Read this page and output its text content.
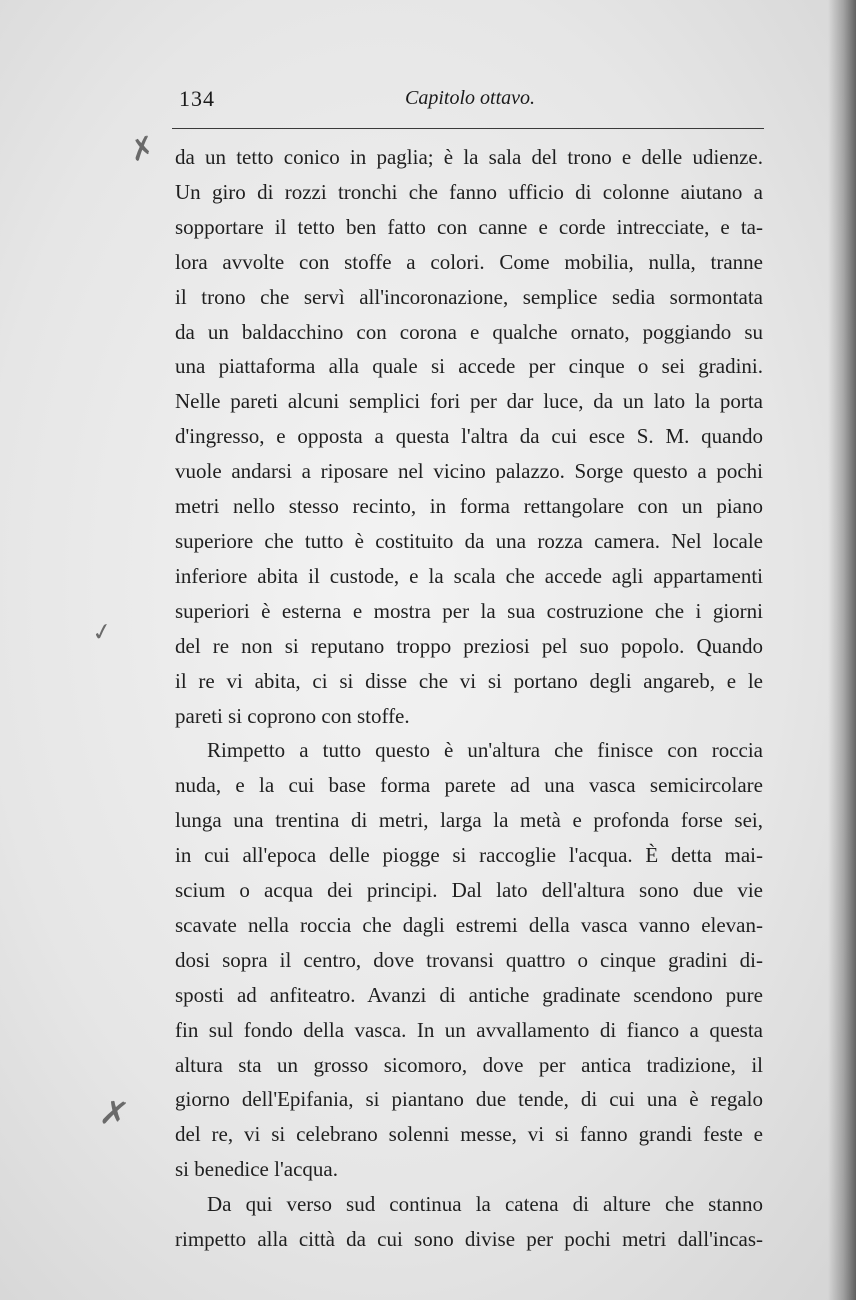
134	Capitolo ottavo.
✗
✓
✗

da un tetto conico in paglia; è la sala del trono e delle udienze.
Un giro di rozzi tronchi che fanno ufficio di colonne aiutano a
sopportare il tetto ben fatto con canne e corde intrecciate, e ta-
lora avvolte con stoffe a colori. Come mobilia, nulla, tranne
il trono che servì all'incoronazione, semplice sedia sormontata
da un baldacchino con corona e qualche ornato, poggiando su
una piattaforma alla quale si accede per cinque o sei gradini.
Nelle pareti alcuni semplici fori per dar luce, da un lato la porta
d'ingresso, e opposta a questa l'altra da cui esce S. M. quando
vuole andarsi a riposare nel vicino palazzo. Sorge questo a pochi
metri nello stesso recinto, in forma rettangolare con un piano
superiore che tutto è costituito da una rozza camera. Nel locale
inferiore abita il custode, e la scala che accede agli appartamenti
superiori è esterna e mostra per la sua costruzione che i giorni
del re non si reputano troppo preziosi pel suo popolo. Quando
il re vi abita, ci si disse che vi si portano degli angareb, e le
pareti si coprono con stoffe.

Rimpetto a tutto questo è un'altura che finisce con roccia
nuda, e la cui base forma parete ad una vasca semicircolare
lunga una trentina di metri, larga la metà e profonda forse sei,
in cui all'epoca delle piogge si raccoglie l'acqua. È detta mai-
scium o acqua dei principi. Dal lato dell'altura sono due vie
scavate nella roccia che dagli estremi della vasca vanno elevan-
dosi sopra il centro, dove trovansi quattro o cinque gradini di-
sposti ad anfiteatro. Avanzi di antiche gradinate scendono pure
fin sul fondo della vasca. In un avvallamento di fianco a questa
altura sta un grosso sicomoro, dove per antica tradizione, il
giorno dell'Epifania, si piantano due tende, di cui una è regalo
del re, vi si celebrano solenni messe, vi si fanno grandi feste e
si benedice l'acqua.

Da qui verso sud continua la catena di alture che stanno
rimpetto alla città da cui sono divise per pochi metri dall'incas-
